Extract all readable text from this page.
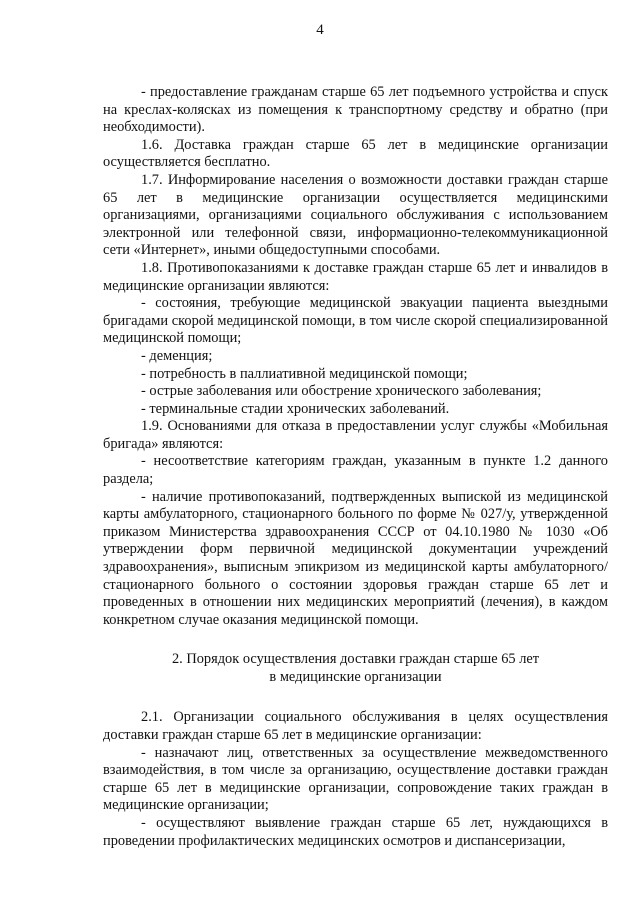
4

- предоставление гражданам старше 65 лет подъемного устройства и спуск на креслах-колясках из помещения к транспортному средству и обратно (при необходимости).

1.6. Доставка граждан старше 65 лет в медицинские организации осуществляется бесплатно.

1.7. Информирование населения о возможности доставки граждан старше 65 лет в медицинские организации осуществляется медицинскими организациями, организациями социального обслуживания с использованием электронной или телефонной связи, информационно-телекоммуникационной сети «Интернет», иными общедоступными способами.

1.8. Противопоказаниями к доставке граждан старше 65 лет и инвалидов в медицинские организации являются:

- состояния, требующие медицинской эвакуации пациента выездными бригадами скорой медицинской помощи, в том числе скорой специализированной медицинской помощи;

- деменция;

- потребность в паллиативной медицинской помощи;

- острые заболевания или обострение хронического заболевания;

- терминальные стадии хронических заболеваний.

1.9. Основаниями для отказа в предоставлении услуг службы «Мобильная бригада» являются:

- несоответствие категориям граждан, указанным в пункте 1.2 данного раздела;

- наличие противопоказаний, подтвержденных выпиской из медицинской карты амбулаторного, стационарного больного по форме № 027/у, утвержденной приказом Министерства здравоохранения СССР от 04.10.1980 № 1030 «Об утверждении форм первичной медицинской документации учреждений здравоохранения», выписным эпикризом из медицинской карты амбулаторного/стационарного больного о состоянии здоровья граждан старше 65 лет и проведенных в отношении них медицинских мероприятий (лечения), в каждом конкретном случае оказания медицинской помощи.

2. Порядок осуществления доставки граждан старше 65 лет

в медицинские организации

2.1. Организации социального обслуживания в целях осуществления доставки граждан старше 65 лет в медицинские организации:

- назначают лиц, ответственных за осуществление межведомственного взаимодействия, в том числе за организацию, осуществление доставки граждан старше 65 лет в медицинские организации, сопровождение таких граждан в медицинские организации;

- осуществляют выявление граждан старше 65 лет, нуждающихся в проведении профилактических медицинских осмотров и диспансеризации,
